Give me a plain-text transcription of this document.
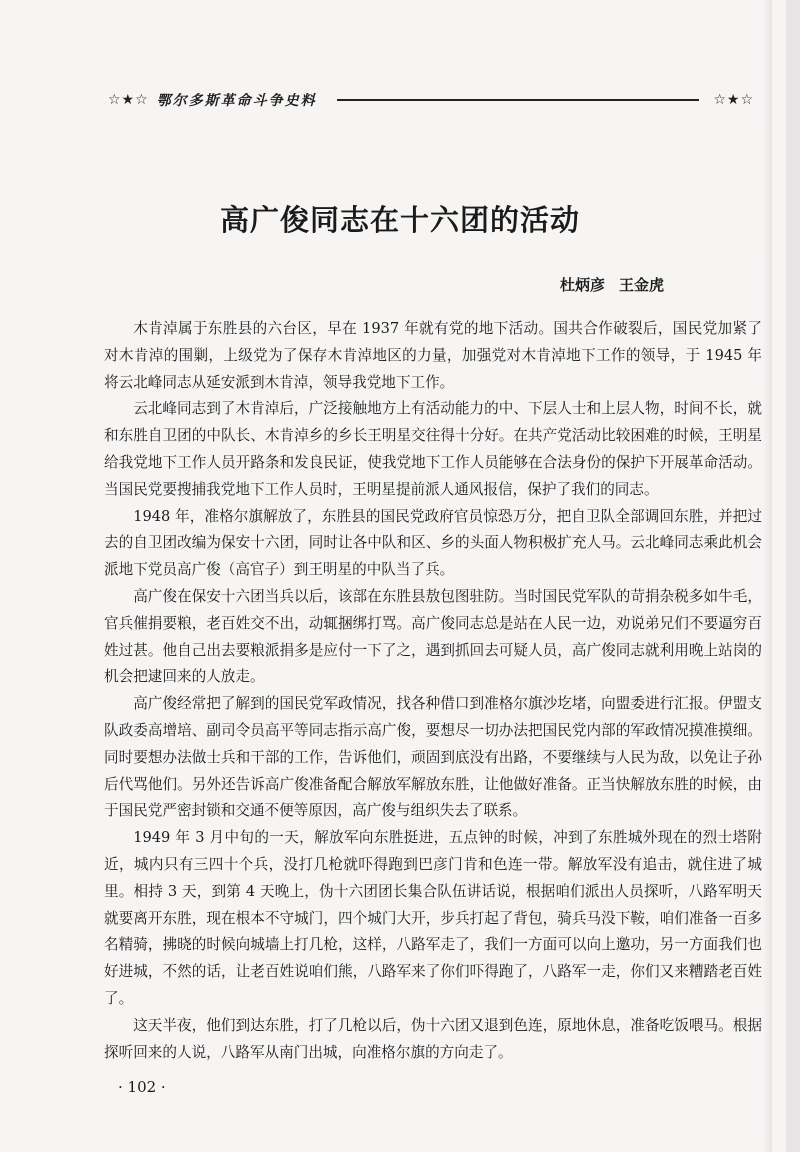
☆★☆ 鄂尔多斯革命斗争史料	☆★☆
高广俊同志在十六团的活动
杜炳彦 王金虎

木肯淖属于东胜县的六台区，早在 1937 年就有党的地下活动。国共合作破裂后，国民党加紧了对木肯淖的围剿，上级党为了保存木肯淖地区的力量，加强党对木肯淖地下工作的领导，于 1945 年将云北峰同志从延安派到木肯淖，领导我党地下工作。

云北峰同志到了木肯淖后，广泛接触地方上有活动能力的中、下层人士和上层人物，时间不长，就和东胜自卫团的中队长、木肯淖乡的乡长王明星交往得十分好。在共产党活动比较困难的时候，王明星给我党地下工作人员开路条和发良民证，使我党地下工作人员能够在合法身份的保护下开展革命活动。当国民党要搜捕我党地下工作人员时，王明星提前派人通风报信，保护了我们的同志。

1948 年，准格尔旗解放了，东胜县的国民党政府官员惊恐万分，把自卫队全部调回东胜，并把过去的自卫团改编为保安十六团，同时让各中队和区、乡的头面人物积极扩充人马。云北峰同志乘此机会派地下党员高广俊（高官子）到王明星的中队当了兵。

高广俊在保安十六团当兵以后，该部在东胜县敖包图驻防。当时国民党军队的苛捐杂税多如牛毛，官兵催捐要粮，老百姓交不出，动辄捆绑打骂。高广俊同志总是站在人民一边，劝说弟兄们不要逼穷百姓过甚。他自己出去要粮派捐多是应付一下了之，遇到抓回去可疑人员，高广俊同志就利用晚上站岗的机会把逮回来的人放走。

高广俊经常把了解到的国民党军政情况，找各种借口到准格尔旗沙圪堵，向盟委进行汇报。伊盟支队政委高增培、副司令员高平等同志指示高广俊，要想尽一切办法把国民党内部的军政情况摸准摸细。同时要想办法做士兵和干部的工作，告诉他们，顽固到底没有出路，不要继续与人民为敌，以免让子孙后代骂他们。另外还告诉高广俊准备配合解放军解放东胜，让他做好准备。正当快解放东胜的时候，由于国民党严密封锁和交通不便等原因，高广俊与组织失去了联系。

1949 年 3 月中旬的一天，解放军向东胜挺进，五点钟的时候，冲到了东胜城外现在的烈士塔附近，城内只有三四十个兵，没打几枪就吓得跑到巴彦门肯和色连一带。解放军没有追击，就住进了城里。相持 3 天，到第 4 天晚上，伪十六团团长集合队伍讲话说，根据咱们派出人员探听，八路军明天就要离开东胜，现在根本不守城门，四个城门大开，步兵打起了背包，骑兵马没下鞍，咱们准备一百多名精骑，拂晓的时候向城墙上打几枪，这样，八路军走了，我们一方面可以向上邀功，另一方面我们也好进城，不然的话，让老百姓说咱们熊，八路军来了你们吓得跑了，八路军一走，你们又来糟踏老百姓了。

这天半夜，他们到达东胜，打了几枪以后，伪十六团又退到色连，原地休息，准备吃饭喂马。根据探听回来的人说，八路军从南门出城，向准格尔旗的方向走了。

· 102 ·
